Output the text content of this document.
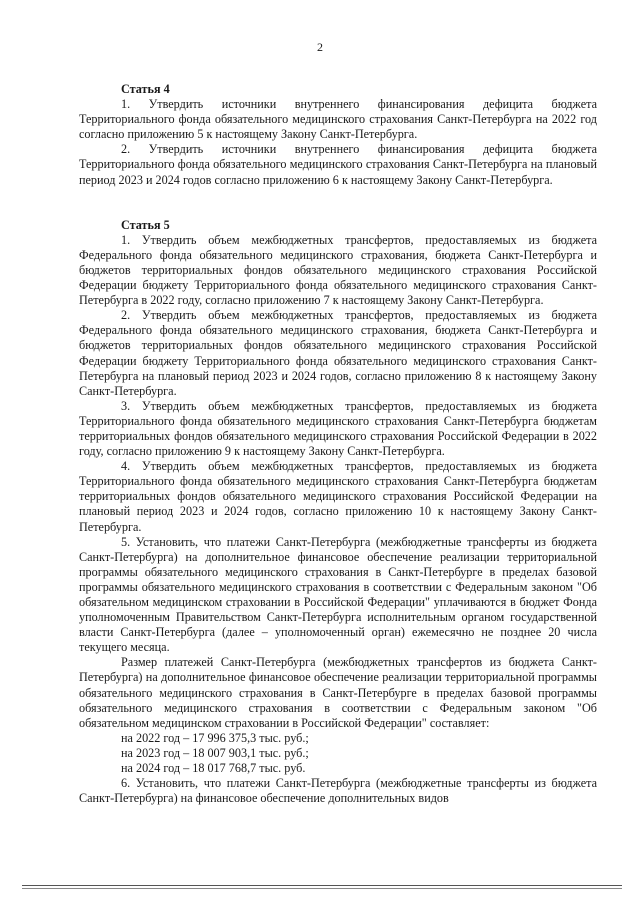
2

Статья 4

1. Утвердить источники внутреннего финансирования дефицита бюджета Территориального фонда обязательного медицинского страхования Санкт-Петербурга на 2022 год согласно приложению 5 к настоящему Закону Санкт-Петербурга.

2. Утвердить источники внутреннего финансирования дефицита бюджета Территориального фонда обязательного медицинского страхования Санкт-Петербурга на плановый период 2023 и 2024 годов согласно приложению 6 к настоящему Закону Санкт-Петербурга.

Статья 5

1. Утвердить объем межбюджетных трансфертов, предоставляемых из бюджета Федерального фонда обязательного медицинского страхования, бюджета Санкт-Петербурга и бюджетов территориальных фондов обязательного медицинского страхования Российской Федерации бюджету Территориального фонда обязательного медицинского страхования Санкт-Петербурга в 2022 году, согласно приложению 7 к настоящему Закону Санкт-Петербурга.

2. Утвердить объем межбюджетных трансфертов, предоставляемых из бюджета Федерального фонда обязательного медицинского страхования, бюджета Санкт-Петербурга и бюджетов территориальных фондов обязательного медицинского страхования Российской Федерации бюджету Территориального фонда обязательного медицинского страхования Санкт-Петербурга на плановый период 2023 и 2024 годов, согласно приложению 8 к настоящему Закону Санкт-Петербурга.

3. Утвердить объем межбюджетных трансфертов, предоставляемых из бюджета Территориального фонда обязательного медицинского страхования Санкт-Петербурга бюджетам территориальных фондов обязательного медицинского страхования Российской Федерации в 2022 году, согласно приложению 9 к настоящему Закону Санкт-Петербурга.

4. Утвердить объем межбюджетных трансфертов, предоставляемых из бюджета Территориального фонда обязательного медицинского страхования Санкт-Петербурга бюджетам территориальных фондов обязательного медицинского страхования Российской Федерации на плановый период 2023 и 2024 годов, согласно приложению 10 к настоящему Закону Санкт-Петербурга.

5. Установить, что платежи Санкт-Петербурга (межбюджетные трансферты из бюджета Санкт-Петербурга) на дополнительное финансовое обеспечение реализации территориальной программы обязательного медицинского страхования в Санкт-Петербурге в пределах базовой программы обязательного медицинского страхования в соответствии с Федеральным законом "Об обязательном медицинском страховании в Российской Федерации" уплачиваются в бюджет Фонда уполномоченным Правительством Санкт-Петербурга исполнительным органом государственной власти Санкт-Петербурга (далее – уполномоченный орган) ежемесячно не позднее 20 числа текущего месяца.

Размер платежей Санкт-Петербурга (межбюджетных трансфертов из бюджета Санкт-Петербурга) на дополнительное финансовое обеспечение реализации территориальной программы обязательного медицинского страхования в Санкт-Петербурге в пределах базовой программы обязательного медицинского страхования в соответствии с Федеральным законом "Об обязательном медицинском страховании в Российской Федерации" составляет:

на 2022 год – 17 996 375,3 тыс. руб.;
на 2023 год – 18 007 903,1 тыс. руб.;
на 2024 год – 18 017 768,7 тыс. руб.

6. Установить, что платежи Санкт-Петербурга (межбюджетные трансферты из бюджета Санкт-Петербурга) на финансовое обеспечение дополнительных видов
